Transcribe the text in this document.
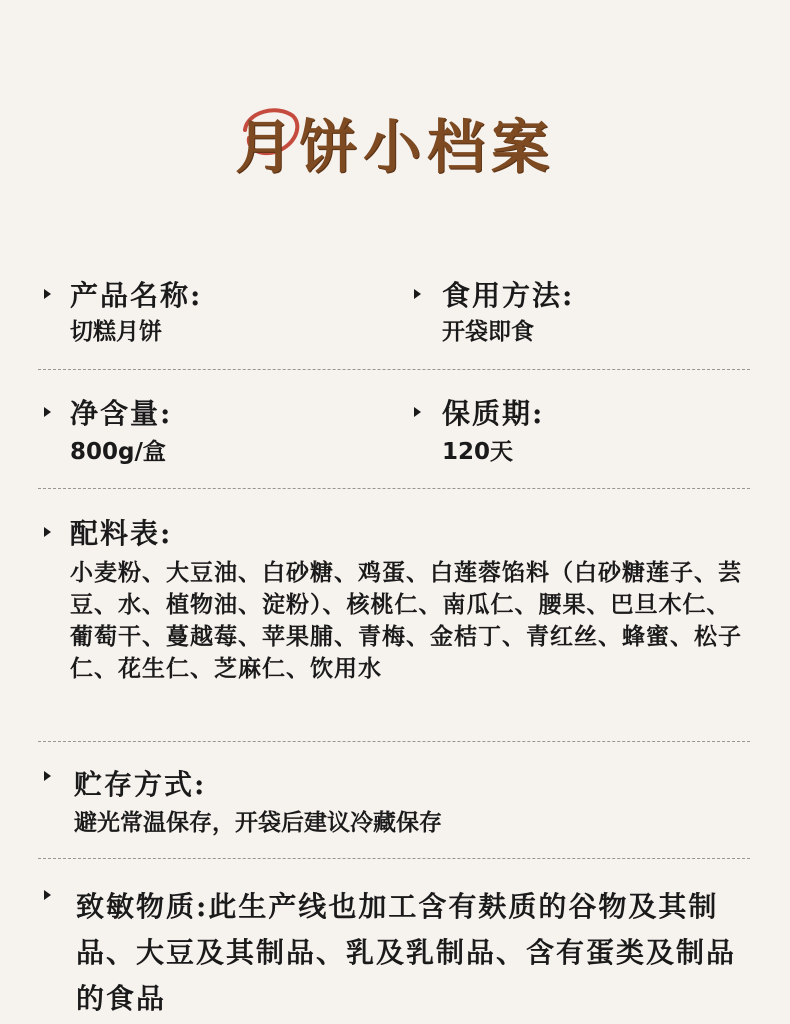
月饼小档案
产品名称:
切糕月饼
食用方法:
开袋即食
净含量:
800g/盒
保质期:
120天
配料表:
小麦粉、大豆油、白砂糖、鸡蛋、白莲蓉馅料（白砂糖莲子、芸豆、水、植物油、淀粉）、核桃仁、南瓜仁、腰果、巴旦木仁、葡萄干、蔓越莓、苹果脯、青梅、金桔丁、青红丝、蜂蜜、松子仁、花生仁、芝麻仁、饮用水
贮存方式:
避光常温保存，开袋后建议冷藏保存
致敏物质:此生产线也加工含有麸质的谷物及其制品、大豆及其制品、乳及乳制品、含有蛋类及制品的食品
